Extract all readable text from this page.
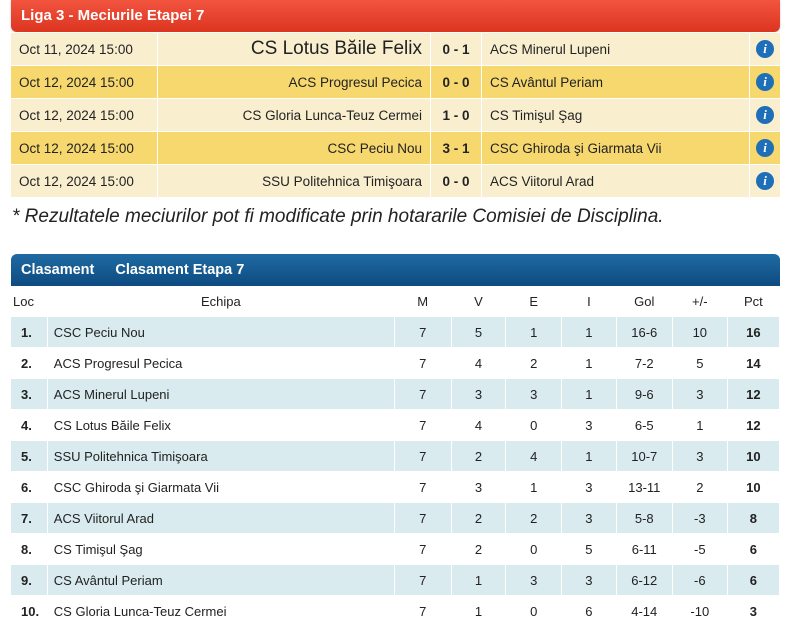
Liga 3 - Meciurile Etapei 7
Oct 11, 2024 15:00	CS Lotus Băile Felix	0 - 1	ACS Minerul Lupeni	i
Oct 12, 2024 15:00	ACS Progresul Pecica	0 - 0	CS Avântul Periam	i
Oct 12, 2024 15:00	CS Gloria Lunca-Teuz Cermei	1 - 0	CS Timişul Şag	i
Oct 12, 2024 15:00	CSC Peciu Nou	3 - 1	CSC Ghiroda şi Giarmata Vii	i
Oct 12, 2024 15:00	SSU Politehnica Timişoara	0 - 0	ACS Viitorul Arad	i
* Rezultatele meciurilor pot fi modificate prin hotararile Comisiei de Disciplina.
Clasament Clasament Etapa 7
Loc	Echipa	M	V	E	I	Gol	+/-	Pct
1.	CSC Peciu Nou	7	5	1	1	16-6	10	16
2.	ACS Progresul Pecica	7	4	2	1	7-2	5	14
3.	ACS Minerul Lupeni	7	3	3	1	9-6	3	12
4.	CS Lotus Băile Felix	7	4	0	3	6-5	1	12
5.	SSU Politehnica Timişoara	7	2	4	1	10-7	3	10
6.	CSC Ghiroda şi Giarmata Vii	7	3	1	3	13-11	2	10
7.	ACS Viitorul Arad	7	2	2	3	5-8	-3	8
8.	CS Timişul Şag	7	2	0	5	6-11	-5	6
9.	CS Avântul Periam	7	1	3	3	6-12	-6	6
10.	CS Gloria Lunca-Teuz Cermei	7	1	0	6	4-14	-10	3
